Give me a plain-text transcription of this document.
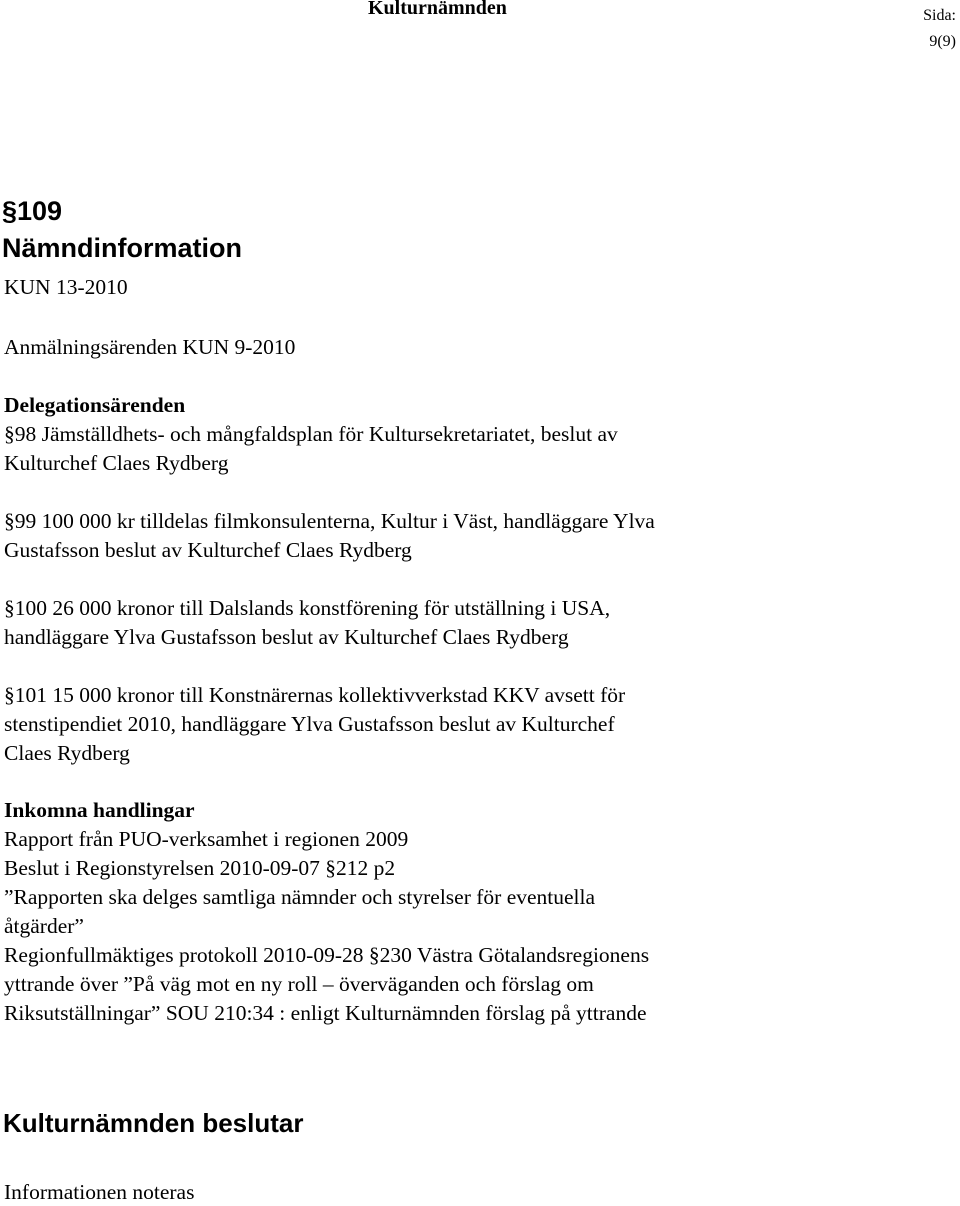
Kulturnämnden	Sida:
9(9)
§109
Nämndinformation
KUN 13-2010
Anmälningsärenden KUN 9-2010
Delegationsärenden
§98 Jämställdhets- och mångfaldsplan för Kultursekretariatet, beslut av
Kulturchef Claes Rydberg
§99 100 000 kr tilldelas filmkonsulenterna, Kultur i Väst, handläggare Ylva
Gustafsson beslut av Kulturchef Claes Rydberg
§100 26 000 kronor till Dalslands konstförening för utställning i USA,
handläggare Ylva Gustafsson beslut av Kulturchef Claes Rydberg
§101 15 000 kronor till Konstnärernas kollektivverkstad KKV avsett för
stenstipendiet 2010, handläggare Ylva Gustafsson beslut av Kulturchef
Claes Rydberg
Inkomna handlingar
Rapport från PUO-verksamhet i regionen 2009
Beslut i Regionstyrelsen 2010-09-07 §212 p2
”Rapporten ska delges samtliga nämnder och styrelser för eventuella
åtgärder”
Regionfullmäktiges protokoll 2010-09-28 §230 Västra Götalandsregionens
yttrande över ”På väg mot en ny roll – överväganden och förslag om
Riksutställningar” SOU 210:34 : enligt Kulturnämnden förslag på yttrande
Kulturnämnden beslutar
Informationen noteras
